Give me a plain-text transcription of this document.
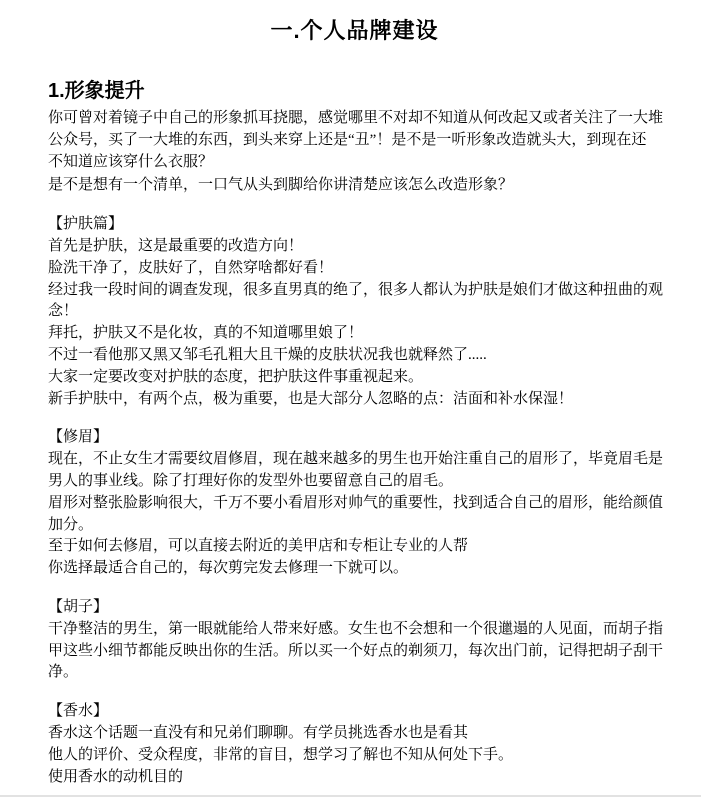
一.个人品牌建设
1.形象提升
你可曾对着镜子中自己的形象抓耳挠腮，感觉哪里不对却不知道从何改起又或者关注了一大堆
公众号，买了一大堆的东西，到头来穿上还是“丑”！是不是一听形象改造就头大，到现在还
不知道应该穿什么衣服？
是不是想有一个清单，一口气从头到脚给你讲清楚应该怎么改造形象？
【护肤篇】
首先是护肤，这是最重要的改造方向！
脸洗干净了，皮肤好了，自然穿啥都好看！
经过我一段时间的调查发现，很多直男真的绝了，很多人都认为护肤是娘们才做这种扭曲的观
念！
拜托，护肤又不是化妆，真的不知道哪里娘了！
不过一看他那又黑又邹毛孔粗大且干燥的皮肤状况我也就释然了.....
大家一定要改变对护肤的态度，把护肤这件事重视起来。
新手护肤中，有两个点，极为重要，也是大部分人忽略的点：洁面和补水保湿！
【修眉】
现在，不止女生才需要纹眉修眉，现在越来越多的男生也开始注重自己的眉形了，毕竟眉毛是
男人的事业线。除了打理好你的发型外也要留意自己的眉毛。
眉形对整张脸影响很大，千万不要小看眉形对帅气的重要性，找到适合自己的眉形，能给颜值
加分。
至于如何去修眉，可以直接去附近的美甲店和专柜让专业的人帮
你选择最适合自己的，每次剪完发去修理一下就可以。
【胡子】
干净整洁的男生，第一眼就能给人带来好感。女生也不会想和一个很邋遢的人见面，而胡子指
甲这些小细节都能反映出你的生活。所以买一个好点的剃须刀，每次出门前，记得把胡子刮干
净。
【香水】
香水这个话题一直没有和兄弟们聊聊。有学员挑选香水也是看其
他人的评价、受众程度，非常的盲目，想学习了解也不知从何处下手。
使用香水的动机目的
